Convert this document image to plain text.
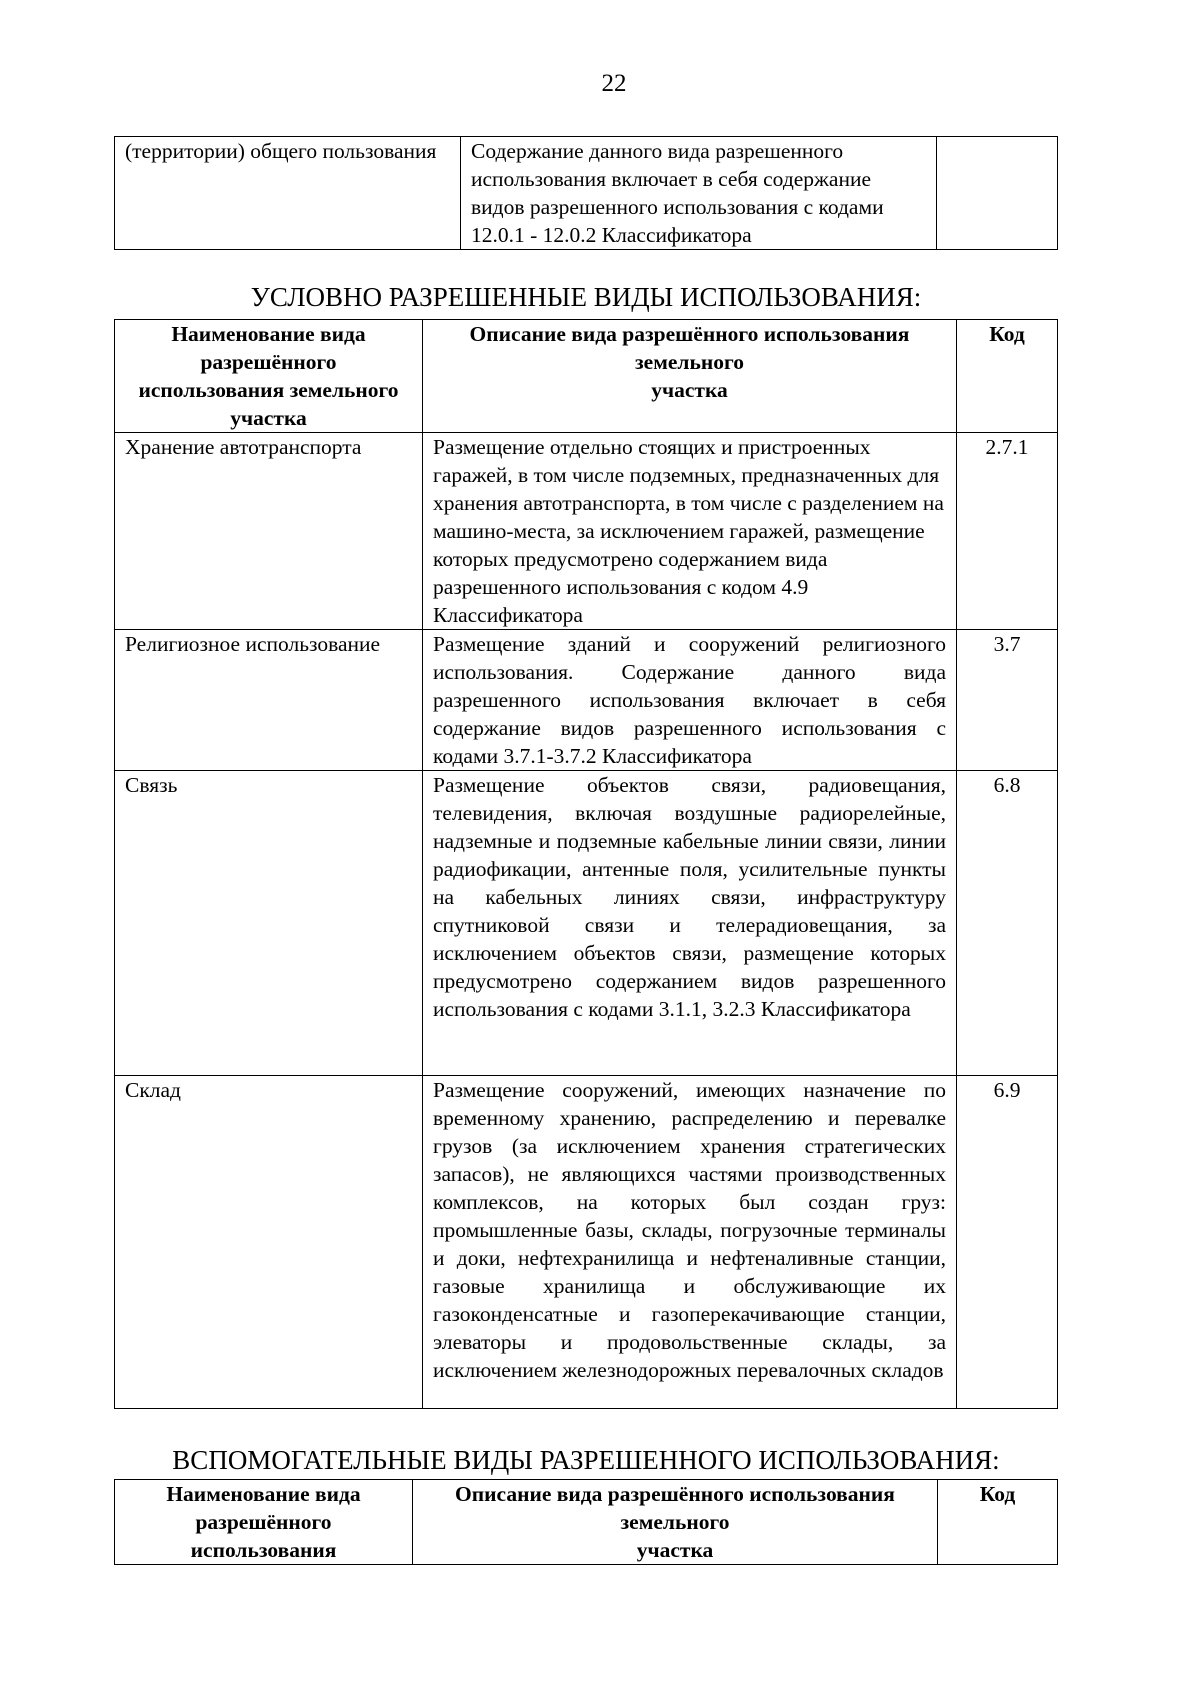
22
(территории) общего пользования	Содержание данного вида разрешенного использования включает в себя содержание видов разрешенного использования с кодами 12.0.1 - 12.0.2 Классификатора	
УСЛОВНО РАЗРЕШЕННЫЕ ВИДЫ ИСПОЛЬЗОВАНИЯ:
Наименование вида разрешённого использования земельного участка	Описание вида разрешённого использования
земельного
участка	Код
Хранение автотранспорта	Размещение отдельно стоящих и пристроенных гаражей, в том числе подземных, предназначенных для хранения автотранспорта, в том числе с разделением на машино-места, за исключением гаражей, размещение которых предусмотрено содержанием вида разрешенного использования с кодом 4.9 Классификатора	2.7.1
Религиозное использование	Размещение зданий и сооружений религиозного использования. Содержание данного вида разрешенного использования включает в себя содержание видов разрешенного использования с кодами 3.7.1-3.7.2 Классификатора	3.7
Связь	Размещение объектов связи, радиовещания, телевидения, включая воздушные радиорелейные, надземные и подземные кабельные линии связи, линии радиофикации, антенные поля, усилительные пункты на кабельных линиях связи, инфраструктуру спутниковой связи и телерадиовещания, за исключением объектов связи, размещение которых предусмотрено содержанием видов разрешенного использования с кодами 3.1.1, 3.2.3 Классификатора	6.8
Склад	Размещение сооружений, имеющих назначение по временному хранению, распределению и перевалке грузов (за исключением хранения стратегических запасов), не являющихся частями производственных комплексов, на которых был создан груз: промышленные базы, склады, погрузочные терминалы и доки, нефтехранилища и нефтеналивные станции, газовые хранилища и обслуживающие их газоконденсатные и газоперекачивающие станции, элеваторы и продовольственные склады, за исключением железнодорожных перевалочных складов	6.9
ВСПОМОГАТЕЛЬНЫЕ ВИДЫ РАЗРЕШЕННОГО ИСПОЛЬЗОВАНИЯ:
Наименование вида разрешённого использования	Описание вида разрешённого использования
земельного
участка	Код
